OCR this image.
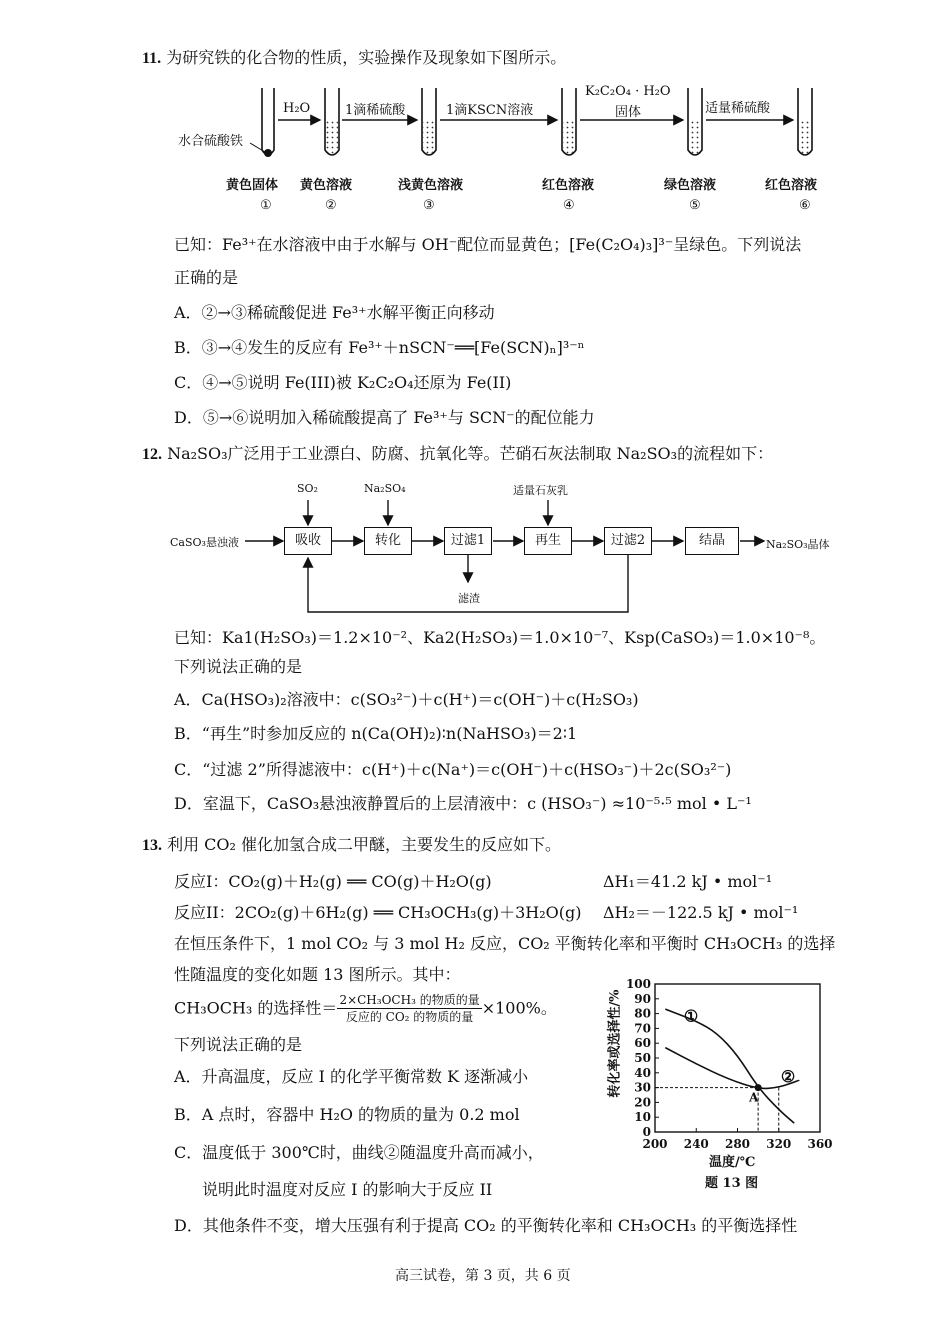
11. 为研究铁的化合物的性质，实验操作及现象如下图所示。
水合硫酸铁
H₂O	1滴稀硫酸	1滴KSCN溶液
K₂C₂O₄ · H₂O
固体	适量稀硫酸
黄色固体 黄色溶液	浅黄色溶液	红色溶液	绿色溶液	红色溶液
①	②	③	④	⑤	⑥
已知：Fe³⁺在水溶液中由于水解与 OH⁻配位而显黄色；[Fe(C₂O₄)₃]³⁻呈绿色。下列说法
正确的是
A．②→③稀硫酸促进 Fe³⁺水解平衡正向移动
B．③→④发生的反应有 Fe³⁺＋nSCN⁻══[Fe(SCN)ₙ]³⁻ⁿ
C．④→⑤说明 Fe(III)被 K₂C₂O₄还原为 Fe(II)
D．⑤→⑥说明加入稀硫酸提高了 Fe³⁺与 SCN⁻的配位能力
12. Na₂SO₃广泛用于工业漂白、防腐、抗氧化等。芒硝石灰法制取 Na₂SO₃的流程如下：
CaSO₃悬浊液
SO₂	Na₂SO₄	适量石灰乳
吸收	转化	过滤1	再生	过滤2	结晶
滤渣
Na₂SO₃晶体
已知：Ka1(H₂SO₃)＝1.2×10⁻²、Ka2(H₂SO₃)＝1.0×10⁻⁷、Ksp(CaSO₃)＝1.0×10⁻⁸。
下列说法正确的是
A．Ca(HSO₃)₂溶液中：c(SO₃²⁻)＋c(H⁺)＝c(OH⁻)＋c(H₂SO₃)
B．“再生”时参加反应的 n(Ca(OH)₂)∶n(NaHSO₃)＝2∶1
C．“过滤 2”所得滤液中：c(H⁺)＋c(Na⁺)＝c(OH⁻)＋c(HSO₃⁻)＋2c(SO₃²⁻)
D．室温下，CaSO₃悬浊液静置后的上层清液中：c (HSO₃⁻) ≈10⁻⁵·⁵ mol • L⁻¹
13. 利用 CO₂ 催化加氢合成二甲醚，主要发生的反应如下。
反应I：CO₂(g)＋H₂(g) ══ CO(g)＋H₂O(g)	ΔH₁＝41.2 kJ • mol⁻¹
反应II：2CO₂(g)＋6H₂(g) ══ CH₃OCH₃(g)＋3H₂O(g) ΔH₂＝－122.5 kJ • mol⁻¹
在恒压条件下，1 mol CO₂ 与 3 mol H₂ 反应，CO₂ 平衡转化率和平衡时 CH₃OCH₃ 的选择
性随温度的变化如题 13 图所示。其中：
CH₃OCH₃ 的选择性＝ $\frac{\text{2×CH₃OCH₃ 的物质的量}}{\text{反应的 CO₂ 的物质的量}} \times 100\%$。
下列说法正确的是
A．升高温度，反应 I 的化学平衡常数 K 逐渐减小
B．A 点时，容器中 H₂O 的物质的量为 0.2 mol
C．温度低于 300℃时，曲线②随温度升高而减小，
说明此时温度对反应 I 的影响大于反应 II
D．其他条件不变，增大压强有利于提高 CO₂ 的平衡转化率和 CH₃OCH₃ 的平衡选择性
0
10
20
30
40
50
60
70
80
90
100
200 240 280 320 360
A
①
②
转化率或选择性/%
温度/℃
题 13 图
高三试卷，第 3 页，共 6 页
